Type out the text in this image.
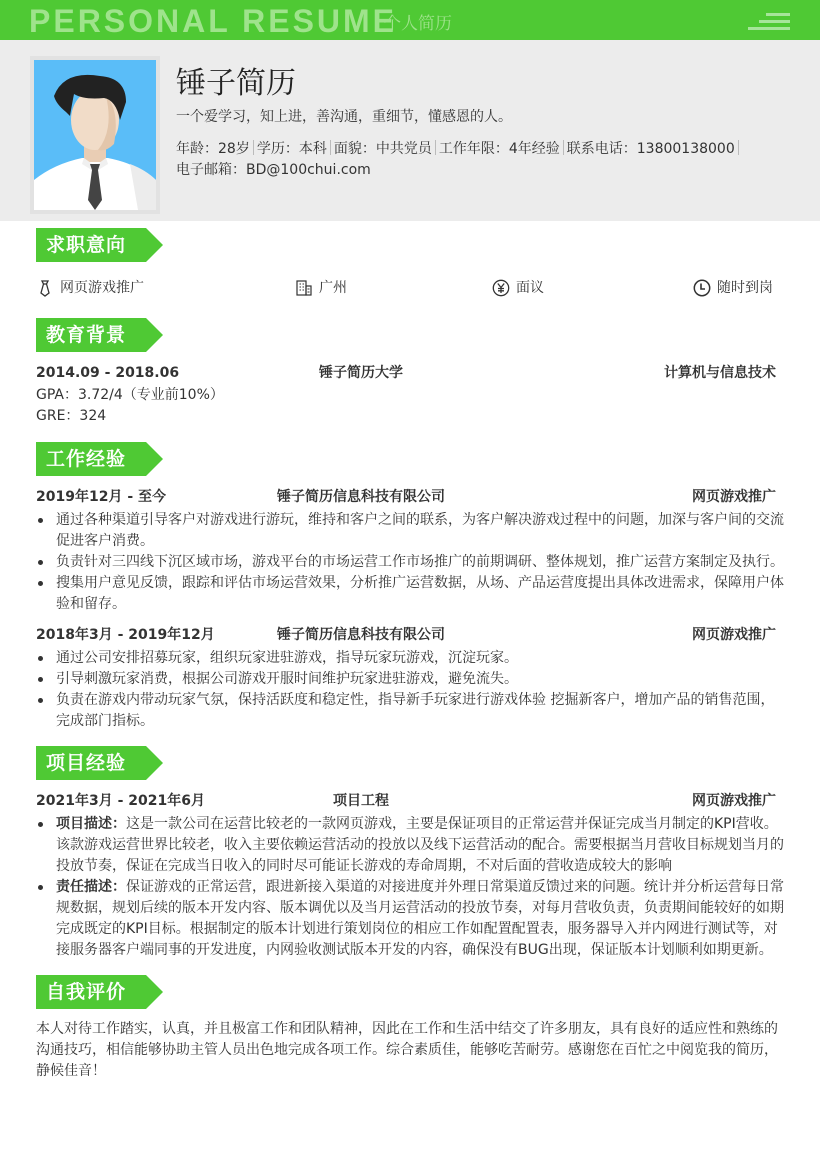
PERSONAL RESUME
个人简历
锤子简历
一个爱学习，知上进，善沟通，重细节，懂感恩的人。
年龄：28岁 学历：本科 面貌：中共党员 工作年限：4年经验 联系电话：13800138000
电子邮箱：BD@100chui.com
求职意向
网页游戏推广	广州	面议	随时到岗
教育背景
2014.09 - 2018.06	锤子简历大学	计算机与信息技术
GPA：3.72/4（专业前10%）
GRE：324
工作经验
2019年12月 - 至今	锤子简历信息科技有限公司	网页游戏推广
通过各种渠道引导客户对游戏进行游玩，维持和客户之间的联系，为客户解决游戏过程中的问题，加深与客户间的交流促进客户消费。
负责针对三四线下沉区域市场，游戏平台的市场运营工作市场推广的前期调研、整体规划，推广运营方案制定及执行。
搜集用户意见反馈，跟踪和评估市场运营效果，分析推广运营数据，从场、产品运营度提出具体改进需求，保障用户体验和留存。
2018年3月 - 2019年12月	锤子简历信息科技有限公司	网页游戏推广
通过公司安排招募玩家，组织玩家进驻游戏，指导玩家玩游戏，沉淀玩家。
引导刺激玩家消费，根据公司游戏开服时间维护玩家进驻游戏，避免流失。
负责在游戏内带动玩家气氛，保持活跃度和稳定性，指导新手玩家进行游戏体验 挖掘新客户，增加产品的销售范围，完成部门指标。
项目经验
2021年3月 - 2021年6月	项目工程	网页游戏推广
项目描述：这是一款公司在运营比较老的一款网页游戏，主要是保证项目的正常运营并保证完成当月制定的KPI营收。该款游戏运营世界比较老，收入主要依赖运营活动的投放以及线下运营活动的配合。需要根据当月营收目标规划当月的投放节奏，保证在完成当日收入的同时尽可能证长游戏的寿命周期，不对后面的营收造成较大的影响
责任描述：保证游戏的正常运营，跟进新接入渠道的对接进度并外理日常渠道反馈过来的问题。统计并分析运营每日常规数据，规划后续的版本开发内容、版本调优以及当月运营活动的投放节奏，对每月营收负责，负责期间能较好的如期完成既定的KPI目标。根据制定的版本计划进行策划岗位的相应工作如配置配置表，服务器导入并内网进行测试等，对接服务器客户端同事的开发进度，内网验收测试版本开发的内容，确保没有BUG出现，保证版本计划顺利如期更新。
自我评价
本人对待工作踏实，认真，并且极富工作和团队精神，因此在工作和生活中结交了许多朋友，具有良好的适应性和熟练的沟通技巧，相信能够协助主管人员出色地完成各项工作。综合素质佳，能够吃苦耐劳。感谢您在百忙之中阅览我的简历，静候佳音！
